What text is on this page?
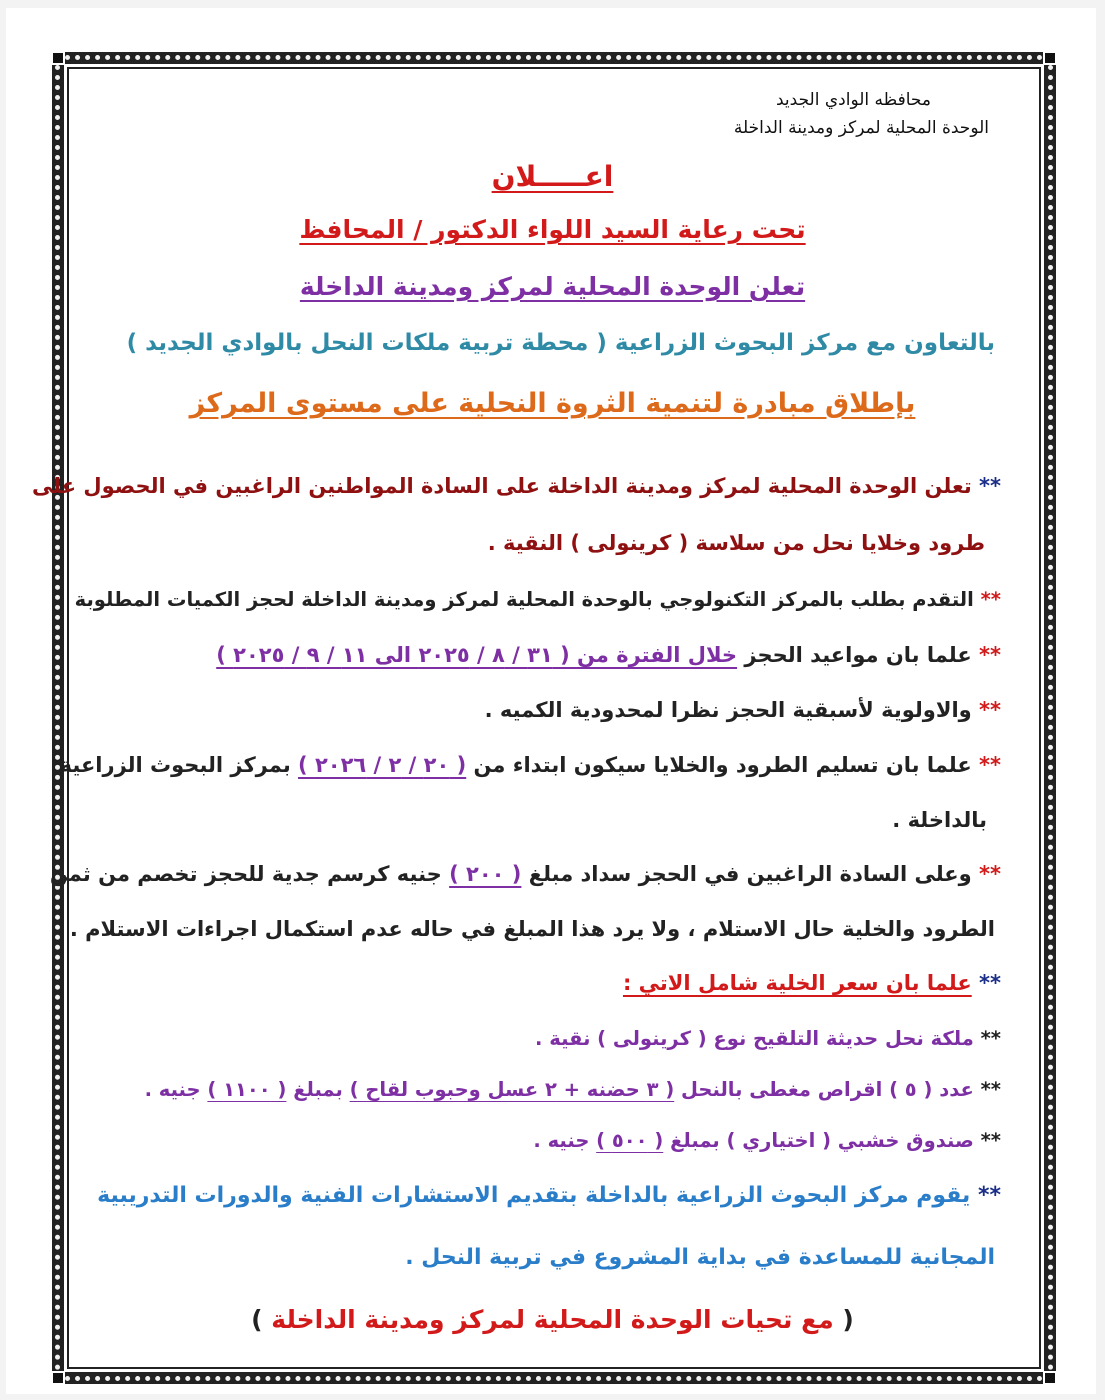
محافظه الوادي الجديد
الوحدة المحلية لمركز ومدينة الداخلة
اعـــــلان
تحت رعاية السيد اللواء الدكتور / المحافظ
تعلن الوحدة المحلية لمركز ومدينة الداخلة
بالتعاون مع مركز البحوث الزراعية ( محطة تربية ملكات النحل بالوادي الجديد )
بإطلاق مبادرة لتنمية الثروة النحلية على مستوى المركز
** تعلن الوحدة المحلية لمركز ومدينة الداخلة على السادة المواطنين الراغبين في الحصول على
طرود وخلايا نحل من سلاسة ( كرينولى ) النقية .
** التقدم بطلب بالمركز التكنولوجي بالوحدة المحلية لمركز ومدينة الداخلة لحجز الكميات المطلوبة
** علما بان مواعيد الحجز خلال الفترة من ( ٣١ / ٨ / ٢٠٢٥ الى ١١ / ٩ / ٢٠٢٥ )
** والاولوية لأسبقية الحجز نظرا لمحدودية الكميه .
** علما بان تسليم الطرود والخلايا سيكون ابتداء من ( ٢٠ / ٢ / ٢٠٢٦ ) بمركز البحوث الزراعية
بالداخلة .
** وعلى السادة الراغبين في الحجز سداد مبلغ ( ٢٠٠ ) جنيه كرسم جدية للحجز تخصم من ثمن
الطرود والخلية حال الاستلام ، ولا يرد هذا المبلغ في حاله عدم استكمال اجراءات الاستلام .
** علما بان سعر الخلية شامل الاتي :
** ملكة نحل حديثة التلقيح نوع ( كرينولى ) نقية .
** عدد ( ٥ ) اقراص مغطى بالنحل ( ٣ حضنه + ٢ عسل وحبوب لقاح ) بمبلغ ( ١١٠٠ ) جنيه .
** صندوق خشبي ( اختياري ) بمبلغ ( ٥٠٠ ) جنيه .
** يقوم مركز البحوث الزراعية بالداخلة بتقديم الاستشارات الفنية والدورات التدريبية
المجانية للمساعدة في بداية المشروع في تربية النحل .
( مع تحيات الوحدة المحلية لمركز ومدينة الداخلة )
